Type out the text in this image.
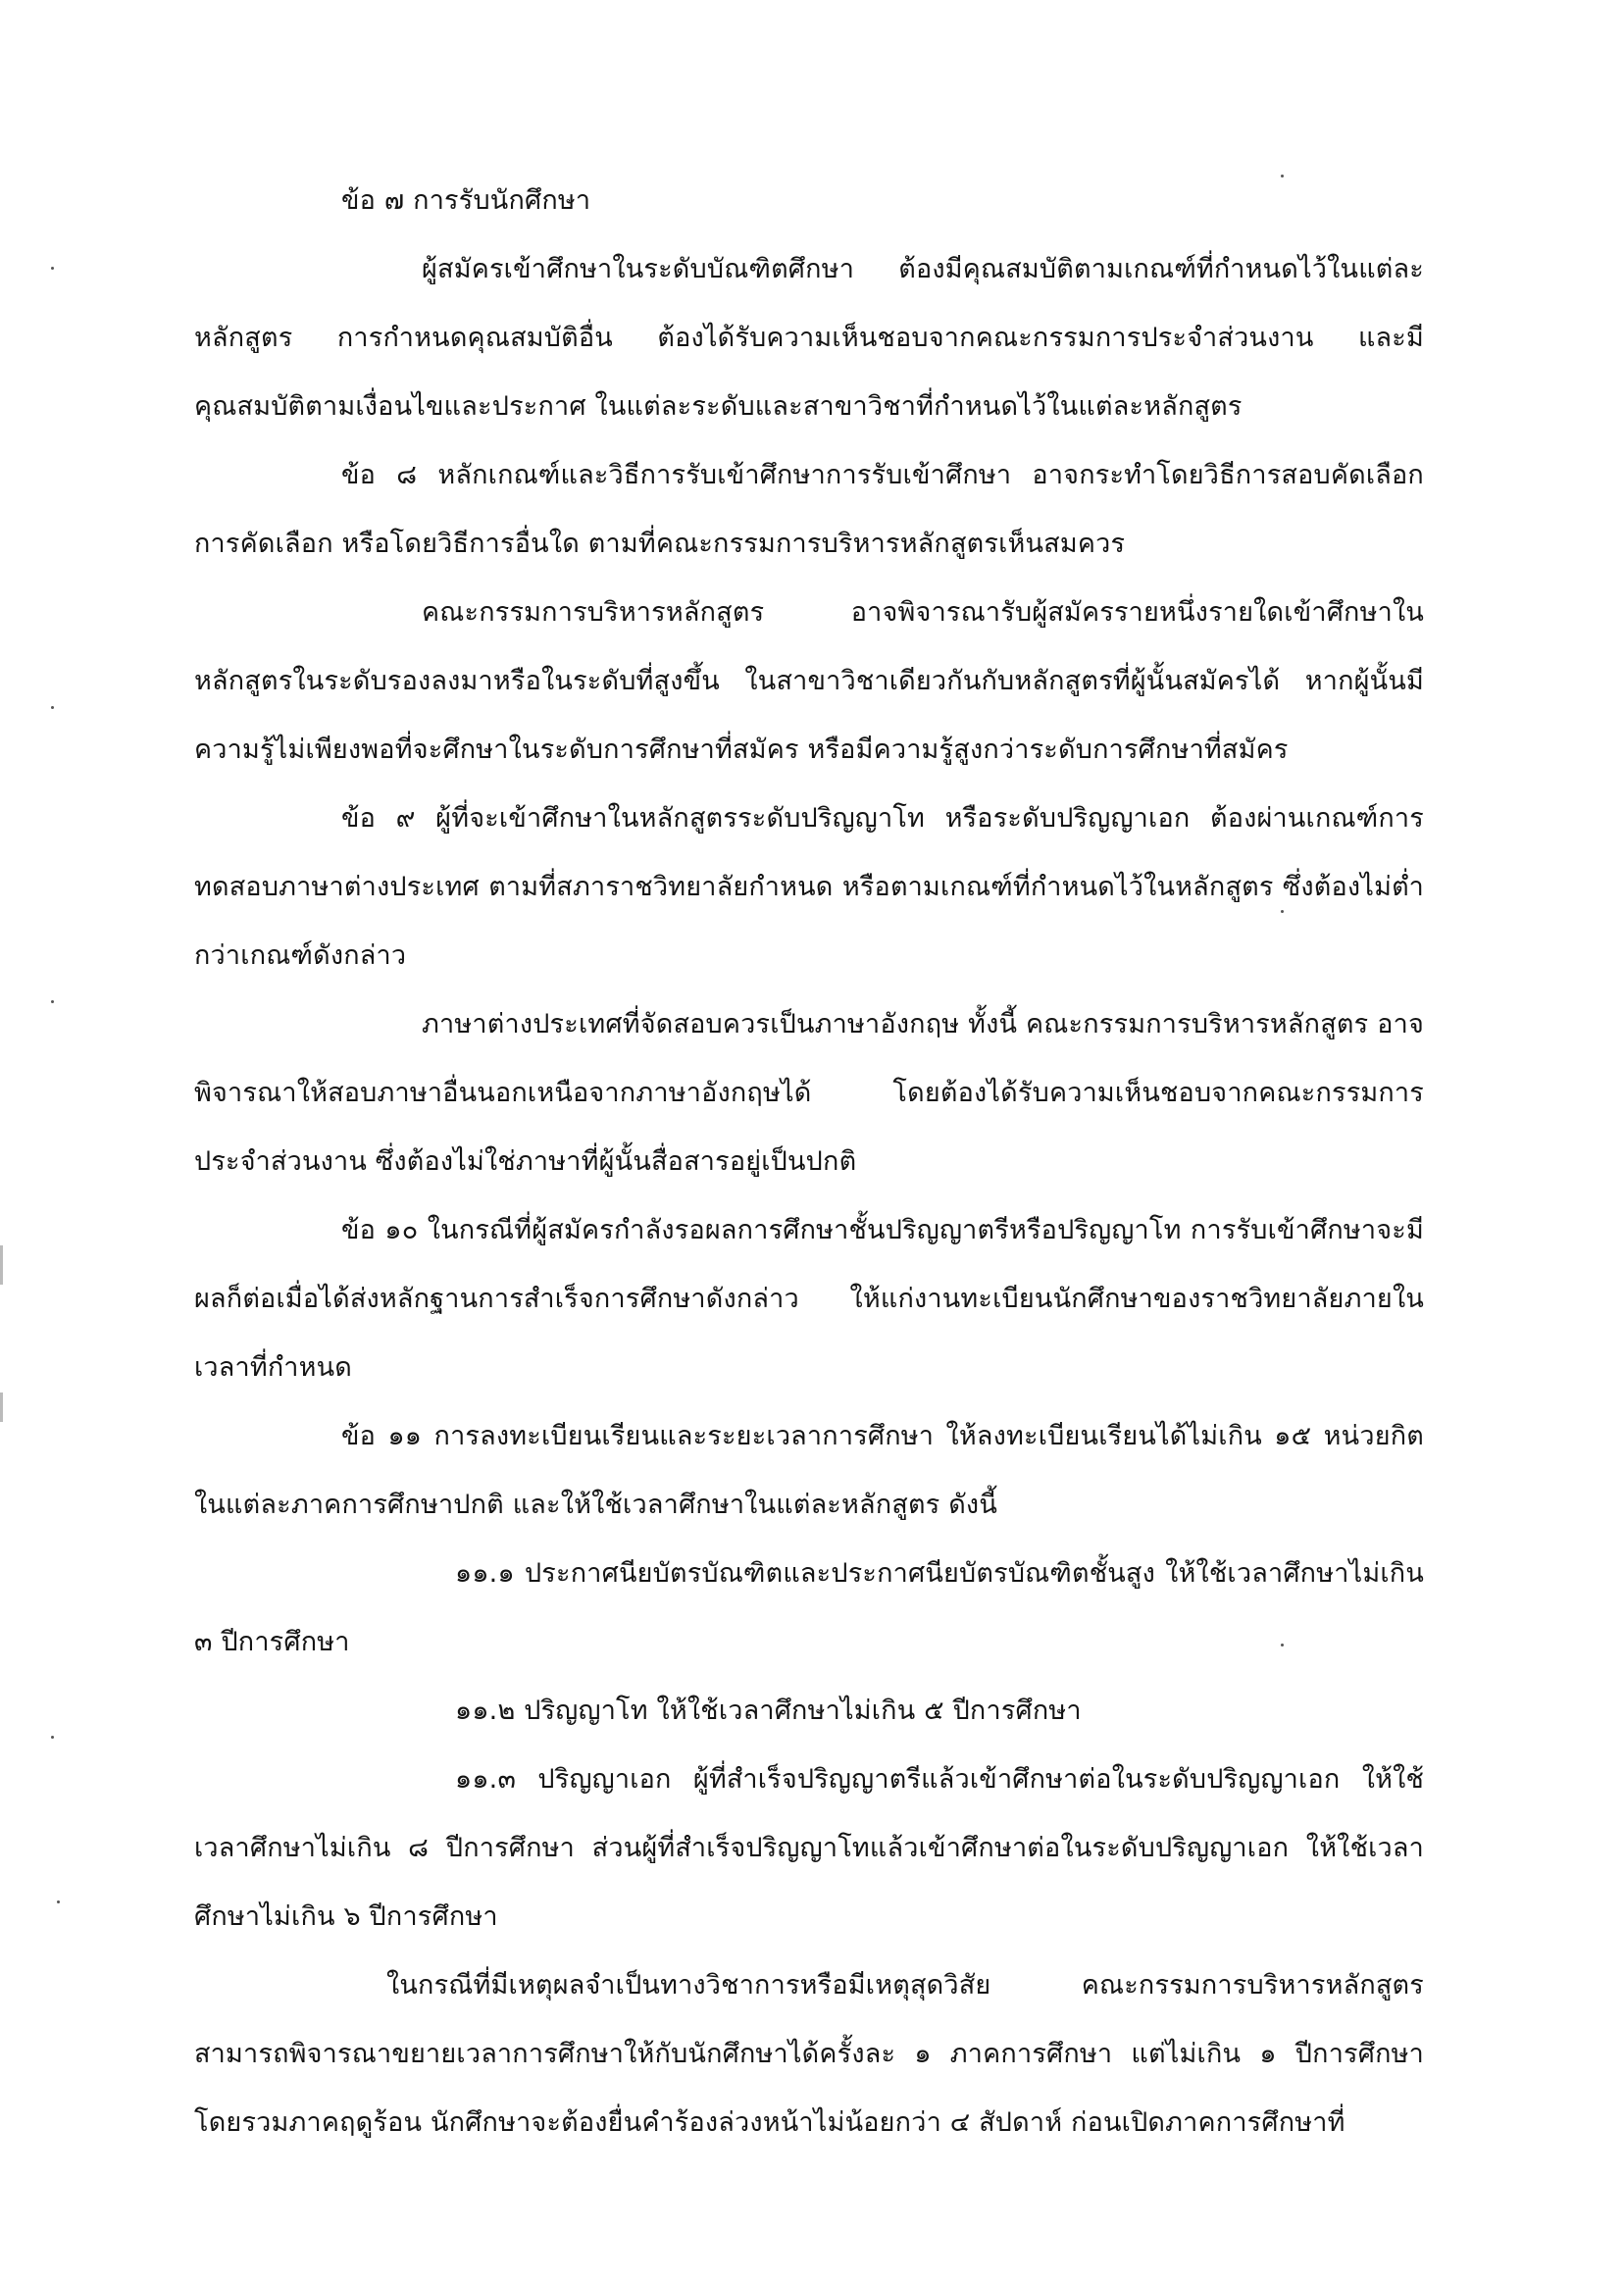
ข้อ ๗ การรับนักศึกษา

ผู้สมัครเข้าศึกษาในระดับบัณฑิตศึกษา ต้องมีคุณสมบัติตามเกณฑ์ที่กำหนดไว้ในแต่ละหลักสูตร การกำหนดคุณสมบัติอื่น ต้องได้รับความเห็นชอบจากคณะกรรมการประจำส่วนงาน และมีคุณสมบัติตามเงื่อนไขและประกาศ ในแต่ละระดับและสาขาวิชาที่กำหนดไว้ในแต่ละหลักสูตร

ข้อ ๘ หลักเกณฑ์และวิธีการรับเข้าศึกษาการรับเข้าศึกษา อาจกระทำโดยวิธีการสอบคัดเลือก การคัดเลือก หรือโดยวิธีการอื่นใด ตามที่คณะกรรมการบริหารหลักสูตรเห็นสมควร

คณะกรรมการบริหารหลักสูตร อาจพิจารณารับผู้สมัครรายหนึ่งรายใดเข้าศึกษาในหลักสูตรในระดับรองลงมาหรือในระดับที่สูงขึ้น ในสาขาวิชาเดียวกันกับหลักสูตรที่ผู้นั้นสมัครได้ หากผู้นั้นมีความรู้ไม่เพียงพอที่จะศึกษาในระดับการศึกษาที่สมัคร หรือมีความรู้สูงกว่าระดับการศึกษาที่สมัคร

ข้อ ๙ ผู้ที่จะเข้าศึกษาในหลักสูตรระดับปริญญาโท หรือระดับปริญญาเอก ต้องผ่านเกณฑ์การทดสอบภาษาต่างประเทศ ตามที่สภาราชวิทยาลัยกำหนด หรือตามเกณฑ์ที่กำหนดไว้ในหลักสูตร ซึ่งต้องไม่ต่ำกว่าเกณฑ์ดังกล่าว

ภาษาต่างประเทศที่จัดสอบควรเป็นภาษาอังกฤษ ทั้งนี้ คณะกรรมการบริหารหลักสูตร อาจพิจารณาให้สอบภาษาอื่นนอกเหนือจากภาษาอังกฤษได้ โดยต้องได้รับความเห็นชอบจากคณะกรรมการประจำส่วนงาน ซึ่งต้องไม่ใช่ภาษาที่ผู้นั้นสื่อสารอยู่เป็นปกติ

ข้อ ๑๐ ในกรณีที่ผู้สมัครกำลังรอผลการศึกษาชั้นปริญญาตรีหรือปริญญาโท การรับเข้าศึกษาจะมีผลก็ต่อเมื่อได้ส่งหลักฐานการสำเร็จการศึกษาดังกล่าว ให้แก่งานทะเบียนนักศึกษาของราชวิทยาลัยภายในเวลาที่กำหนด

ข้อ ๑๑ การลงทะเบียนเรียนและระยะเวลาการศึกษา ให้ลงทะเบียนเรียนได้ไม่เกิน ๑๕ หน่วยกิต ในแต่ละภาคการศึกษาปกติ และให้ใช้เวลาศึกษาในแต่ละหลักสูตร ดังนี้

๑๑.๑ ประกาศนียบัตรบัณฑิตและประกาศนียบัตรบัณฑิตชั้นสูง ให้ใช้เวลาศึกษาไม่เกิน ๓ ปีการศึกษา

๑๑.๒ ปริญญาโท ให้ใช้เวลาศึกษาไม่เกิน ๕ ปีการศึกษา

๑๑.๓ ปริญญาเอก ผู้ที่สำเร็จปริญญาตรีแล้วเข้าศึกษาต่อในระดับปริญญาเอก ให้ใช้เวลาศึกษาไม่เกิน ๘ ปีการศึกษา ส่วนผู้ที่สำเร็จปริญญาโทแล้วเข้าศึกษาต่อในระดับปริญญาเอก ให้ใช้เวลาศึกษาไม่เกิน ๖ ปีการศึกษา

ในกรณีที่มีเหตุผลจำเป็นทางวิชาการหรือมีเหตุสุดวิสัย คณะกรรมการบริหารหลักสูตร สามารถพิจารณาขยายเวลาการศึกษาให้กับนักศึกษาได้ครั้งละ ๑ ภาคการศึกษา แต่ไม่เกิน ๑ ปีการศึกษา โดยรวมภาคฤดูร้อน นักศึกษาจะต้องยื่นคำร้องล่วงหน้าไม่น้อยกว่า ๔ สัปดาห์ ก่อนเปิดภาคการศึกษาที่
